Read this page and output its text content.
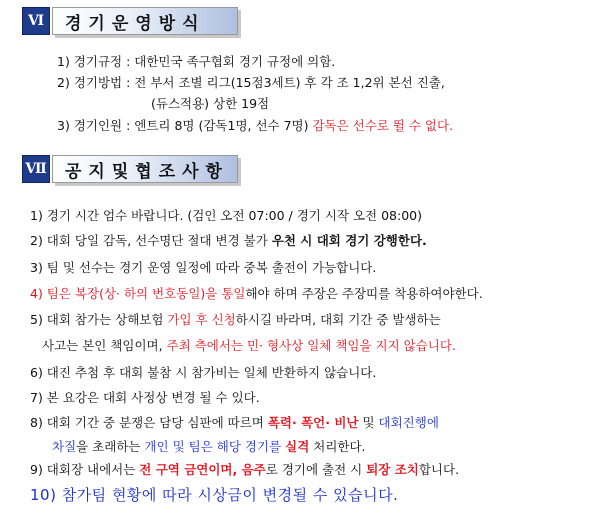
Ⅵ	경기운영방식
1) 경기규정 : 대한민국 족구협회 경기 규정에 의함.
2) 경기방법 : 전 부서 조별 리그(15점3세트) 후 각 조 1,2위 본선 진출,
(듀스적용) 상한 19점
3) 경기인원 : 엔트리 8명 (감독1명, 선수 7명) 감독은 선수로 뛸 수 없다.
Ⅶ	공지및협조사항
1) 경기 시간 엄수 바랍니다. (검인 오전 07:00 / 경기 시작 오전 08:00)
2) 대회 당일 감독, 선수명단 절대 변경 불가 우천 시 대회 경기 강행한다.
3) 팀 및 선수는 경기 운영 일정에 따라 중복 출전이 가능합니다.
4) 팀은 복장(상· 하의 번호동일)을 통일해야 하며 주장은 주장띠를 착용하여야한다.
5) 대회 참가는 상해보험 가입 후 신청하시길 바라며, 대회 기간 중 발생하는
사고는 본인 책임이며, 주최 측에서는 민· 형사상 일체 책임을 지지 않습니다.
6) 대진 추첨 후 대회 불참 시 참가비는 일체 반환하지 않습니다.
7) 본 요강은 대회 사정상 변경 될 수 있다.
8) 대회 기간 중 분쟁은 담당 심판에 따르며 폭력· 폭언· 비난 및 대회진행에
차질을 초래하는 개인 및 팀은 해당 경기를 실격 처리한다.
9) 대회장 내에서는 전 구역 금연이며, 음주로 경기에 출전 시 퇴장 조치합니다.
10) 참가팀 현황에 따라 시상금이 변경될 수 있습니다.
